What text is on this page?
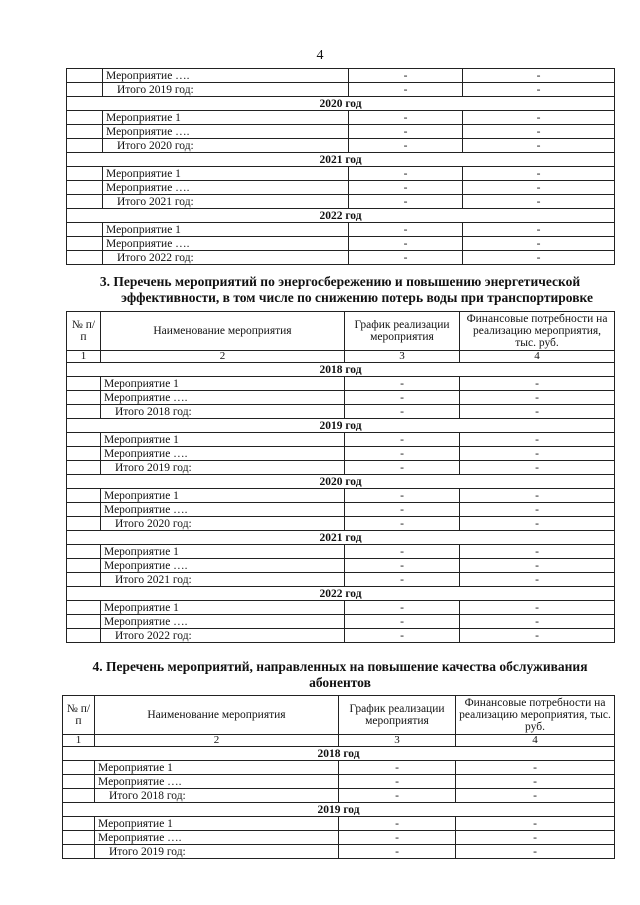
4
	Мероприятие ….	-	-
	Итого 2019 год:	-	-
2020 год			
	Мероприятие 1	-	-
	Мероприятие ….	-	-
	Итого 2020 год:	-	-
2021 год			
	Мероприятие 1	-	-
	Мероприятие ….	-	-
	Итого 2021 год:	-	-
2022 год			
	Мероприятие 1	-	-
	Мероприятие ….	-	-
	Итого 2022 год:	-	-
3. Перечень мероприятий по энергосбережению и повышению энергетической
эффективности, в том числе по снижению потерь воды при транспортировке
№ п/п	Наименование мероприятия	График реализации мероприятия	Финансовые потребности на реализацию мероприятия, тыс. руб.
1	2	3	4
2018 год			
	Мероприятие 1	-	-
	Мероприятие ….	-	-
	Итого 2018 год:	-	-
2019 год			
	Мероприятие 1	-	-
	Мероприятие ….	-	-
	Итого 2019 год:	-	-
2020 год			
	Мероприятие 1	-	-
	Мероприятие ….	-	-
	Итого 2020 год:	-	-
2021 год			
	Мероприятие 1	-	-
	Мероприятие ….	-	-
	Итого 2021 год:	-	-
2022 год			
	Мероприятие 1	-	-
	Мероприятие ….	-	-
	Итого 2022 год:	-	-
4. Перечень мероприятий, направленных на повышение качества обслуживания
абонентов
№ п/п	Наименование мероприятия	График реализации мероприятия	Финансовые потребности на реализацию мероприятия, тыс. руб.
1	2	3	4
2018 год			
	Мероприятие 1	-	-
	Мероприятие ….	-	-
	Итого 2018 год:	-	-
2019 год			
	Мероприятие 1	-	-
	Мероприятие ….	-	-
	Итого 2019 год:	-	-
